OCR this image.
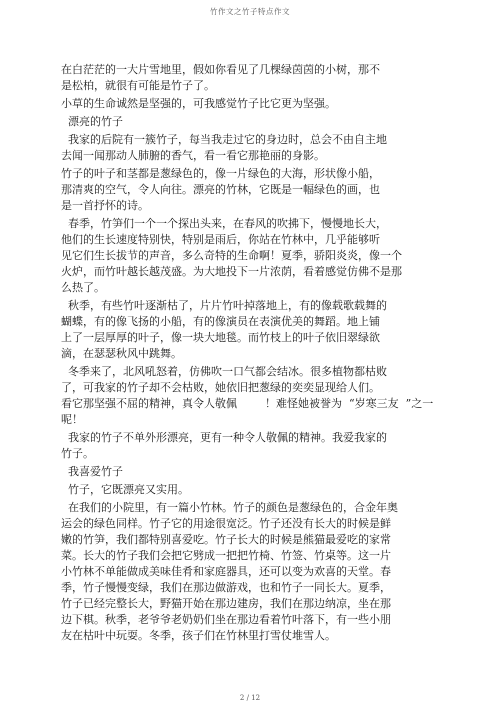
竹作文之竹子特点作文

在白茫茫的一大片雪地里，假如你看见了几棵绿茵茵的小树，那不
是松柏，就很有可能是竹子了。

小草的生命诚然是坚强的，可我感觉竹子比它更为坚强。

漂亮的竹子

我家的后院有一簇竹子，每当我走过它的身边时，总会不由自主地
去闻一闻那动人肺腑的香气，看一看它那艳丽的身影。

竹子的叶子和茎都是葱绿色的，像一片绿色的大海，形状像小船，
那清爽的空气，令人向往。漂亮的竹林，它既是一幅绿色的画，也
是一首抒怀的诗。

春季，竹笋们一个一个探出头来，在春风的吹拂下，慢慢地长大，
他们的生长速度特别快，特别是雨后，你站在竹林中，几乎能够听
见它们生长拔节的声音，多么奇特的生命啊！夏季，骄阳炎炎，像一个
火炉，而竹叶越长越茂盛。为大地投下一片浓荫，看着感觉仿佛不是那
么热了。

秋季，有些竹叶逐渐枯了，片片竹叶掉落地上，有的像载歌载舞的
蝴蝶，有的像飞扬的小船，有的像演员在表演优美的舞蹈。地上铺
上了一层厚厚的叶子，像一块大地毯。而竹枝上的叶子依旧翠绿欲
滴，在瑟瑟秋风中跳舞。

冬季来了，北风吼怒着，仿佛吹一口气都会结冰。很多植物都枯败
了，可我家的竹子却不会枯败，她依旧把葱绿的奕奕显现给人们。
看它那坚强不屈的精神，真令人敬佩        ！难怪她被誉为  “岁寒三友  ”之一
呢！

我家的竹子不单外形漂亮，更有一种令人敬佩的精神。我爱我家的
竹子。

我喜爱竹子

竹子，它既漂亮又实用。

在我们的小院里，有一篇小竹林。竹子的颜色是葱绿色的，合金年奥
运会的绿色同样。竹子它的用途很宽泛。竹子还没有长大的时候是鲜
嫩的竹笋，我们都特别喜爱吃。竹子长大的时候是熊猫最爱吃的家常
菜。长大的竹子我们会把它劈成一把把竹椅、竹签、竹桌等。这一片
小竹林不单能做成美味佳肴和家庭器具，还可以变为欢喜的天堂。春
季，竹子慢慢变绿，我们在那边做游戏，也和竹子一同长大。夏季，
竹子已经完整长大，野猫开始在那边建房，我们在那边纳凉，坐在那
边下棋。秋季，老爷爷老奶奶们坐在那边看着竹叶落下，有一些小朋
友在枯叶中玩耍。冬季，孩子们在竹林里打雪仗堆雪人。

2 / 12
